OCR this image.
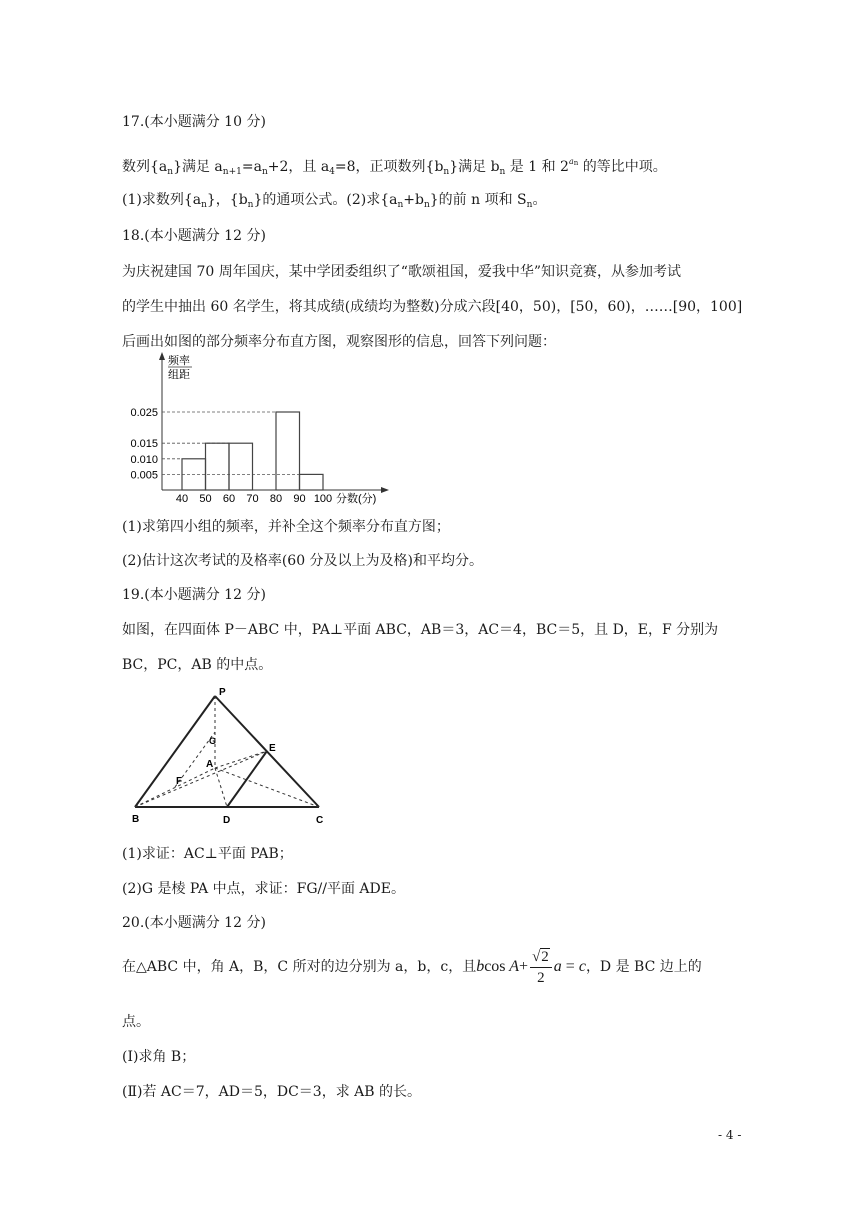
17.(本小题满分 10 分)
数列$\{a_n\}$满足 $a_{n+1}=a_n+2$，且 $a_4=8$，正项数列$\{b_n\}$满足 $b_n$ 是 1 和 $2^{an}$ 的等比中项。
(1)求数列$\{a_n\}$，$\{b_n\}$的通项公式。(2)求$\{a_n+b_n\}$的前 n 项和 $S_n$。
18.(本小题满分 12 分)
为庆祝建国 70 周年国庆，某中学团委组织了“歌颂祖国，爱我中华”知识竞赛，从参加考试
的学生中抽出 60 名学生，将其成绩(成绩均为整数)分成六段[40，50)，[50，60)，……[90，100]
后画出如图的部分频率分布直方图，观察图形的信息，回答下列问题：
频率
组距
分数(分)
0.025
0.015
0.010
0.005
40 50 60 70 80 90 100
(1)求第四小组的频率，并补全这个频率分布直方图；
(2)估计这次考试的及格率(60 分及以上为及格)和平均分。
19.(本小题满分 12 分)
如图，在四面体 P－ABC 中，PA⊥平面 ABC，AB＝3，AC＝4，BC＝5，且 D，E，F 分别为
BC，PC，AB 的中点。
P
G
E
A
F
B	D	C
(1)求证：AC⊥平面 PAB；
(2)G 是棱 PA 中点，求证：FG//平面 ADE。
20.(本小题满分 12 分)
在△ABC 中，角 A，B，C 所对的边分别为 a，b，c，且bcos $A+ \frac{√2}{2}$ a = c，D 是 BC 边上的
点。
(Ⅰ)求角 B；
(Ⅱ)若 AC＝7，AD＝5，DC＝3，求 AB 的长。
- 4 -
